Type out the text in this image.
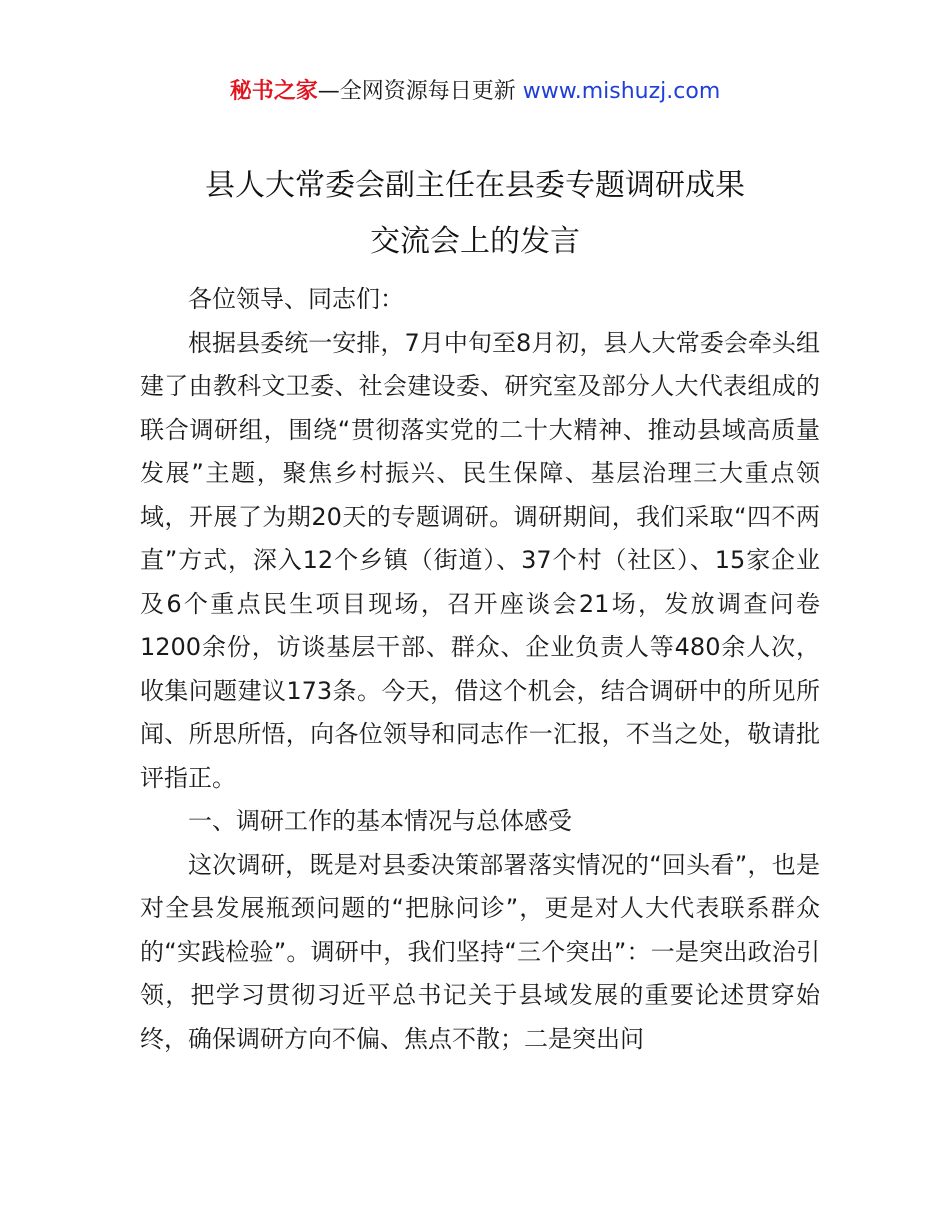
秘书之家—全网资源每日更新 www.mishuzj.com
县人大常委会副主任在县委专题调研成果
交流会上的发言

各位领导、同志们：

根据县委统一安排，7月中旬至8月初，县人大常委会牵头组建了由教科文卫委、社会建设委、研究室及部分人大代表组成的联合调研组，围绕“贯彻落实党的二十大精神、推动县域高质量发展”主题，聚焦乡村振兴、民生保障、基层治理三大重点领域，开展了为期20天的专题调研。调研期间，我们采取“四不两直”方式，深入12个乡镇（街道）、37个村（社区）、15家企业及6个重点民生项目现场，召开座谈会21场，发放调查问卷1200余份，访谈基层干部、群众、企业负责人等480余人次，收集问题建议173条。今天，借这个机会，结合调研中的所见所闻、所思所悟，向各位领导和同志作一汇报，不当之处，敬请批评指正。

一、调研工作的基本情况与总体感受

这次调研，既是对县委决策部署落实情况的“回头看”，也是对全县发展瓶颈问题的“把脉问诊”，更是对人大代表联系群众的“实践检验”。调研中，我们坚持“三个突出”：一是突出政治引领，把学习贯彻习近平总书记关于县域发展的重要论述贯穿始终，确保调研方向不偏、焦点不散；二是突出问
